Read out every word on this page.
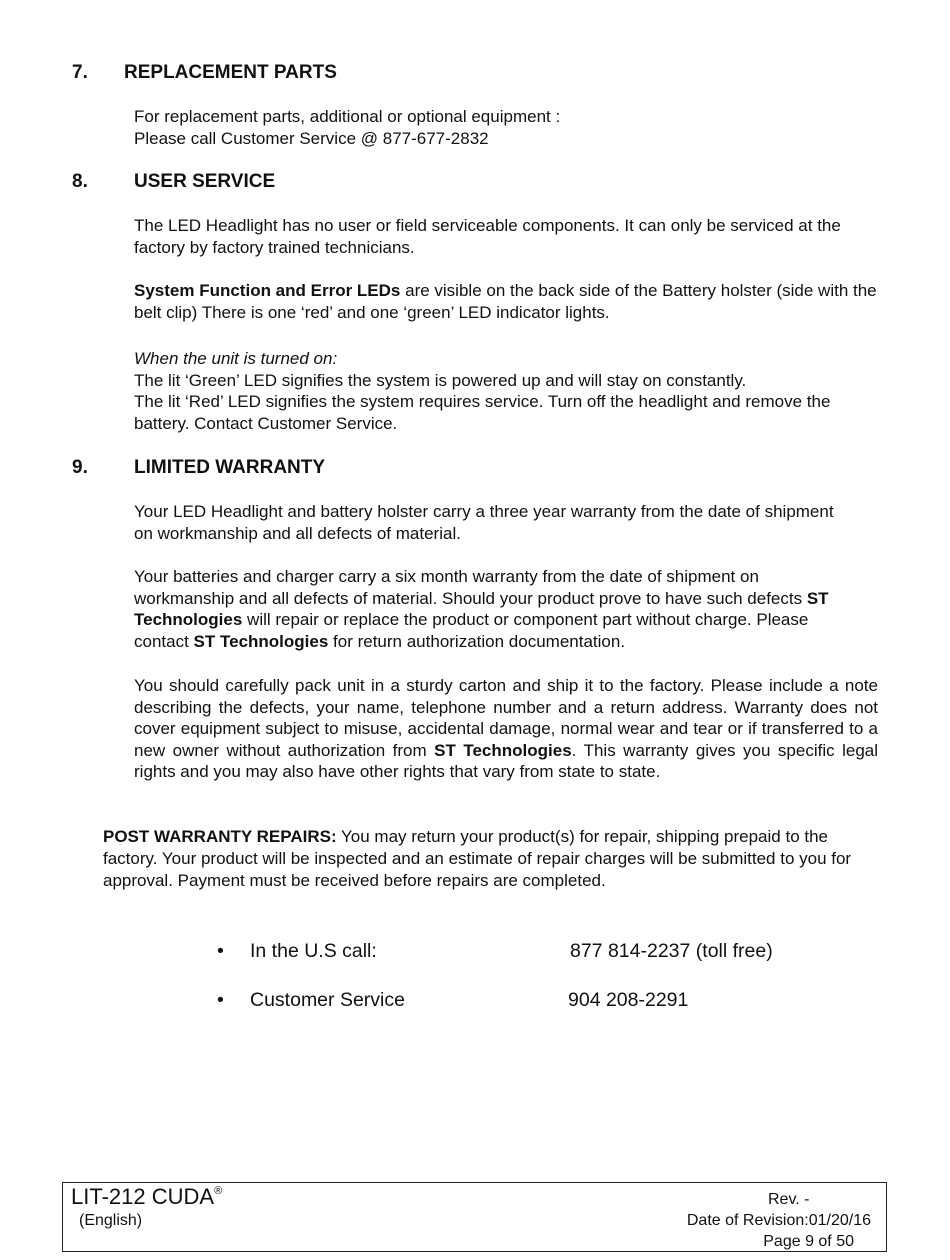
7. REPLACEMENT PARTS

For replacement parts, additional or optional equipment :

Please call Customer Service @ 877-677-2832

8. USER SERVICE

The LED Headlight has no user or field serviceable components. It can only be serviced at the factory by factory trained technicians.

System Function and Error LEDs are visible on the back side of the Battery holster (side with the belt clip) There is one ‘red’ and one ‘green’ LED indicator lights.

When the unit is turned on:

The lit ‘Green’ LED signifies the system is powered up and will stay on constantly.

The lit ‘Red’ LED signifies the system requires service. Turn off the headlight and remove the battery. Contact Customer Service.

9. LIMITED WARRANTY

Your LED Headlight and battery holster carry a three year warranty from the date of shipment on workmanship and all defects of material.

Your batteries and charger carry a six month warranty from the date of shipment on workmanship and all defects of material. Should your product prove to have such defects ST Technologies will repair or replace the product or component part without charge. Please contact ST Technologies for return authorization documentation.

You should carefully pack unit in a sturdy carton and ship it to the factory. Please include a note describing the defects, your name, telephone number and a return address. Warranty does not cover equipment subject to misuse, accidental damage, normal wear and tear or if transferred to a new owner without authorization from ST Technologies. This warranty gives you specific legal rights and you may also have other rights that vary from state to state.

POST WARRANTY REPAIRS: You may return your product(s) for repair, shipping prepaid to the factory. Your product will be inspected and an estimate of repair charges will be submitted to you for approval. Payment must be received before repairs are completed.
• In the U.S call:	877 814-2237 (toll free)
• Customer Service	904 208-2291
LIT-212 CUDA®
(English)
Rev. -
Date of Revision:01/20/16
Page 9 of 50
